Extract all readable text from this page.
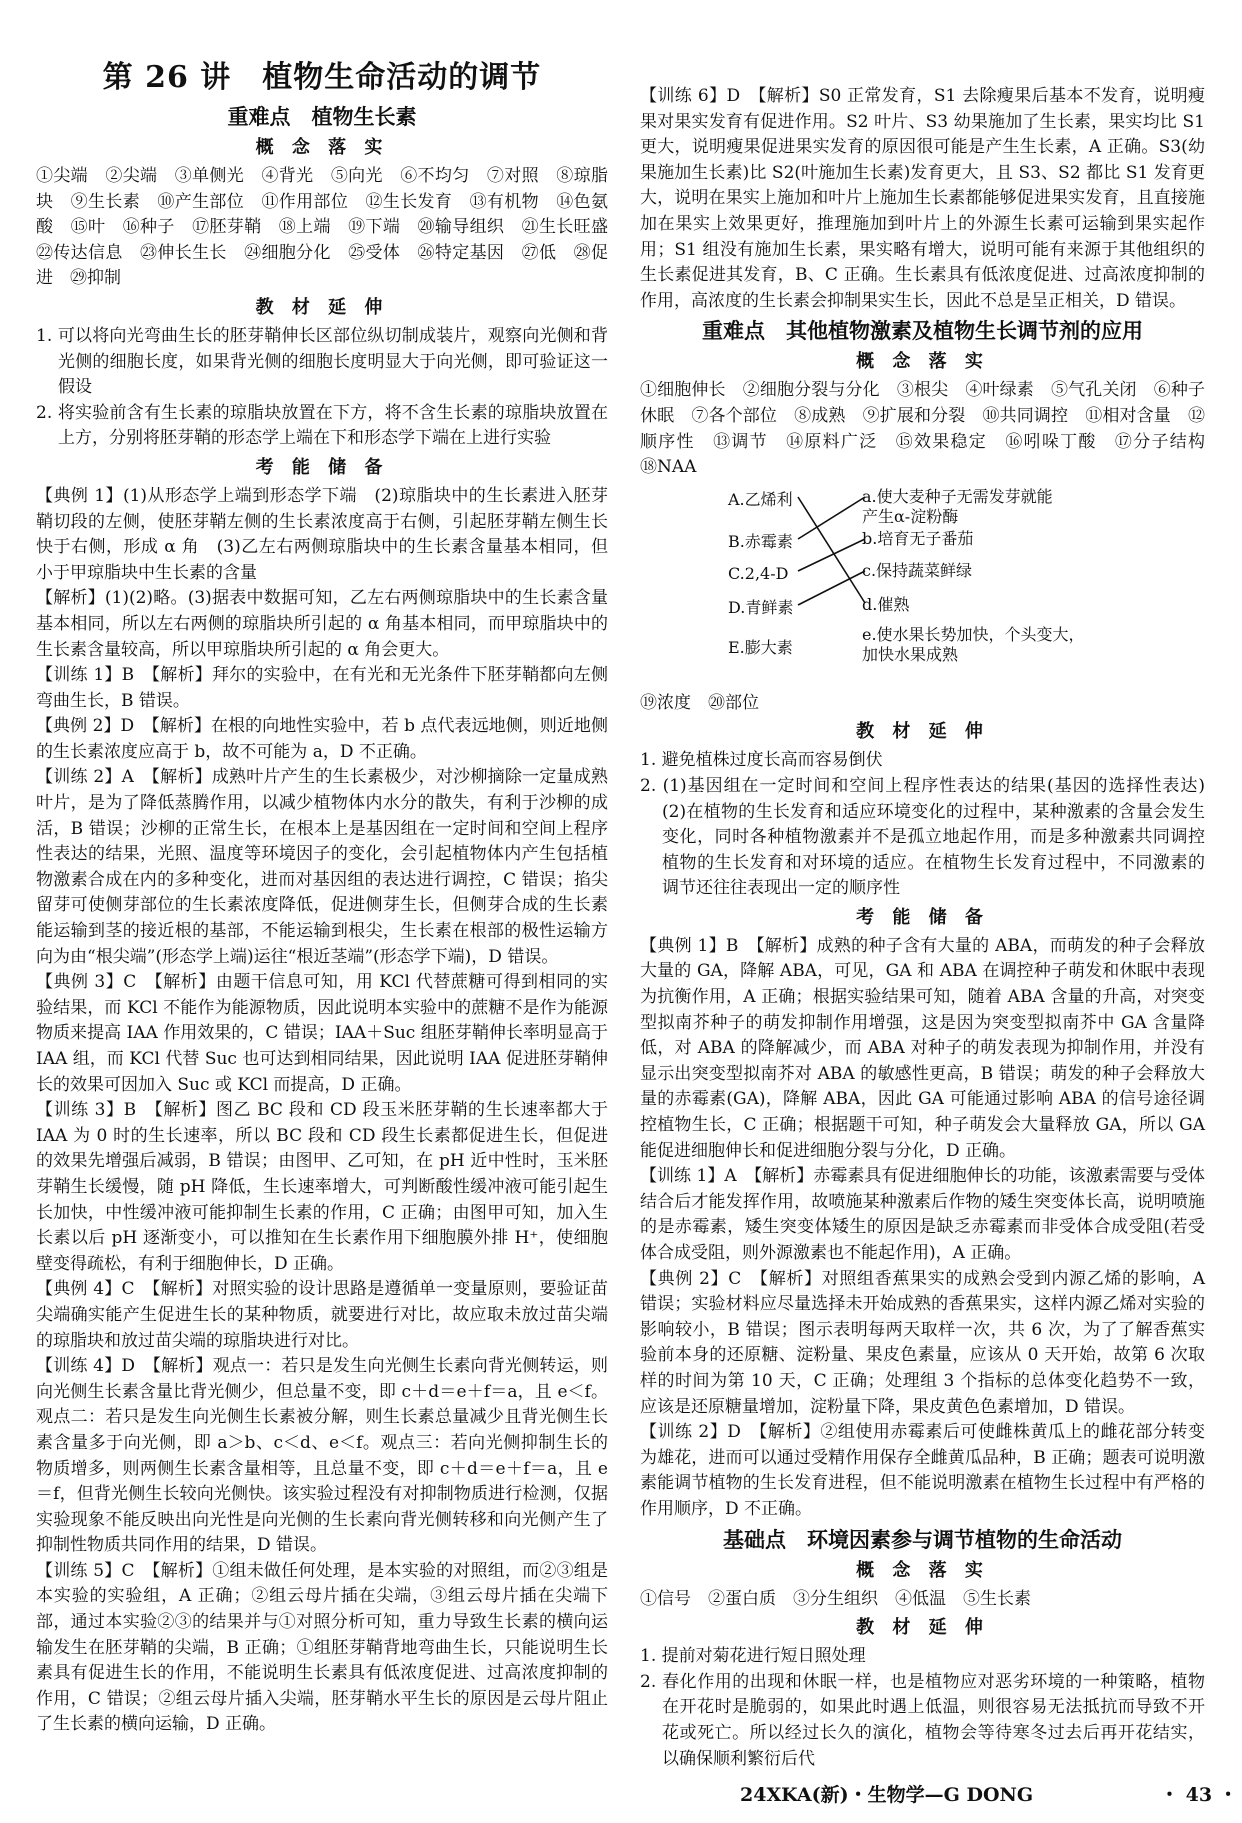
第 26 讲　植物生命活动的调节
重难点　植物生长素
概 念 落 实

①尖端　②尖端　③单侧光　④背光　⑤向光　⑥不均匀　⑦对照　⑧琼脂块　⑨生长素　⑩产生部位　⑪作用部位　⑫生长发育　⑬有机物　⑭色氨酸　⑮叶　⑯种子　⑰胚芽鞘　⑱上端　⑲下端　⑳输导组织　㉑生长旺盛　㉒传达信息　㉓伸长生长　㉔细胞分化　㉕受体　㉖特定基因　㉗低　㉘促进　㉙抑制

教 材 延 伸

1. 可以将向光弯曲生长的胚芽鞘伸长区部位纵切制成装片，观察向光侧和背光侧的细胞长度，如果背光侧的细胞长度明显大于向光侧，即可验证这一假设

2. 将实验前含有生长素的琼脂块放置在下方，将不含生长素的琼脂块放置在上方，分别将胚芽鞘的形态学上端在下和形态学下端在上进行实验

考 能 储 备

【典例 1】(1)从形态学上端到形态学下端　(2)琼脂块中的生长素进入胚芽鞘切段的左侧，使胚芽鞘左侧的生长素浓度高于右侧，引起胚芽鞘左侧生长快于右侧，形成 α 角　(3)乙左右两侧琼脂块中的生长素含量基本相同，但小于甲琼脂块中生长素的含量

【解析】(1)(2)略。(3)据表中数据可知，乙左右两侧琼脂块中的生长素含量基本相同，所以左右两侧的琼脂块所引起的 α 角基本相同，而甲琼脂块中的生长素含量较高，所以甲琼脂块所引起的 α 角会更大。

【训练 1】B　【解析】拜尔的实验中，在有光和无光条件下胚芽鞘都向左侧弯曲生长，B 错误。

【典例 2】D　【解析】在根的向地性实验中，若 b 点代表远地侧，则近地侧的生长素浓度应高于 b，故不可能为 a，D 不正确。

【训练 2】A　【解析】成熟叶片产生的生长素极少，对沙柳摘除一定量成熟叶片，是为了降低蒸腾作用，以减少植物体内水分的散失，有利于沙柳的成活，B 错误；沙柳的正常生长，在根本上是基因组在一定时间和空间上程序性表达的结果，光照、温度等环境因子的变化，会引起植物体内产生包括植物激素合成在内的多种变化，进而对基因组的表达进行调控，C 错误；掐尖留芽可使侧芽部位的生长素浓度降低，促进侧芽生长，但侧芽合成的生长素能运输到茎的接近根的基部，不能运输到根尖，生长素在根部的极性运输方向为由“根尖端”(形态学上端)运往“根近茎端”(形态学下端)，D 错误。

【典例 3】C　【解析】由题干信息可知，用 KCl 代替蔗糖可得到相同的实验结果，而 KCl 不能作为能源物质，因此说明本实验中的蔗糖不是作为能源物质来提高 IAA 作用效果的，C 错误；IAA＋Suc 组胚芽鞘伸长率明显高于 IAA 组，而 KCl 代替 Suc 也可达到相同结果，因此说明 IAA 促进胚芽鞘伸长的效果可因加入 Suc 或 KCl 而提高，D 正确。

【训练 3】B　【解析】图乙 BC 段和 CD 段玉米胚芽鞘的生长速率都大于 IAA 为 0 时的生长速率，所以 BC 段和 CD 段生长素都促进生长，但促进的效果先增强后减弱，B 错误；由图甲、乙可知，在 pH 近中性时，玉米胚芽鞘生长缓慢，随 pH 降低，生长速率增大，可判断酸性缓冲液可能引起生长加快，中性缓冲液可能抑制生长素的作用，C 正确；由图甲可知，加入生长素以后 pH 逐渐变小，可以推知在生长素作用下细胞膜外排 H⁺，使细胞壁变得疏松，有利于细胞伸长，D 正确。

【典例 4】C　【解析】对照实验的设计思路是遵循单一变量原则，要验证苗尖端确实能产生促进生长的某种物质，就要进行对比，故应取未放过苗尖端的琼脂块和放过苗尖端的琼脂块进行对比。

【训练 4】D　【解析】观点一：若只是发生向光侧生长素向背光侧转运，则向光侧生长素含量比背光侧少，但总量不变，即 c＋d＝e＋f＝a，且 e＜f。观点二：若只是发生向光侧生长素被分解，则生长素总量减少且背光侧生长素含量多于向光侧，即 a＞b、c＜d、e＜f。观点三：若向光侧抑制生长的物质增多，则两侧生长素含量相等，且总量不变，即 c＋d＝e＋f＝a，且 e＝f，但背光侧生长较向光侧快。该实验过程没有对抑制物质进行检测，仅据实验现象不能反映出向光性是向光侧的生长素向背光侧转移和向光侧产生了抑制性物质共同作用的结果，D 错误。

【训练 5】C　【解析】①组未做任何处理，是本实验的对照组，而②③组是本实验的实验组，A 正确；②组云母片插在尖端，③组云母片插在尖端下部，通过本实验②③的结果并与①对照分析可知，重力导致生长素的横向运输发生在胚芽鞘的尖端，B 正确；①组胚芽鞘背地弯曲生长，只能说明生长素具有促进生长的作用，不能说明生长素具有低浓度促进、过高浓度抑制的作用，C 错误；②组云母片插入尖端，胚芽鞘水平生长的原因是云母片阻止了生长素的横向运输，D 正确。

【训练 6】D　【解析】S0 正常发育，S1 去除瘦果后基本不发育，说明瘦果对果实发育有促进作用。S2 叶片、S3 幼果施加了生长素，果实均比 S1 更大，说明瘦果促进果实发育的原因很可能是产生生长素，A 正确。S3(幼果施加生长素)比 S2(叶施加生长素)发育更大，且 S3、S2 都比 S1 发育更大，说明在果实上施加和叶片上施加生长素都能够促进果实发育，且直接施加在果实上效果更好，推理施加到叶片上的外源生长素可运输到果实起作用；S1 组没有施加生长素，果实略有增大，说明可能有来源于其他组织的生长素促进其发育，B、C 正确。生长素具有低浓度促进、过高浓度抑制的作用，高浓度的生长素会抑制果实生长，因此不总是呈正相关，D 错误。

重难点　其他植物激素及植物生长调节剂的应用
概 念 落 实

①细胞伸长　②细胞分裂与分化　③根尖　④叶绿素　⑤气孔关闭　⑥种子休眠　⑦各个部位　⑧成熟　⑨扩展和分裂　⑩共同调控　⑪相对含量　⑫顺序性　⑬调节　⑭原料广泛　⑮效果稳定　⑯吲哚丁酸　⑰分子结构　⑱NAA

A.乙烯利
B.赤霉素
C.2,4-D
D.青鲜素
E.膨大素
a.使大麦种子无需发芽就能产生α-淀粉酶
b.培育无子番茄
c.保持蔬菜鲜绿
d.催熟
e.使水果长势加快，个头变大，加快水果成熟

⑲浓度　⑳部位

教 材 延 伸

1. 避免植株过度长高而容易倒伏

2. (1)基因组在一定时间和空间上程序性表达的结果(基因的选择性表达)　(2)在植物的生长发育和适应环境变化的过程中，某种激素的含量会发生变化，同时各种植物激素并不是孤立地起作用，而是多种激素共同调控植物的生长发育和对环境的适应。在植物生长发育过程中，不同激素的调节还往往表现出一定的顺序性

考 能 储 备

【典例 1】B　【解析】成熟的种子含有大量的 ABA，而萌发的种子会释放大量的 GA，降解 ABA，可见，GA 和 ABA 在调控种子萌发和休眠中表现为抗衡作用，A 正确；根据实验结果可知，随着 ABA 含量的升高，对突变型拟南芥种子的萌发抑制作用增强，这是因为突变型拟南芥中 GA 含量降低，对 ABA 的降解减少，而 ABA 对种子的萌发表现为抑制作用，并没有显示出突变型拟南芥对 ABA 的敏感性更高，B 错误；萌发的种子会释放大量的赤霉素(GA)，降解 ABA，因此 GA 可能通过影响 ABA 的信号途径调控植物生长，C 正确；根据题干可知，种子萌发会大量释放 GA，所以 GA 能促进细胞伸长和促进细胞分裂与分化，D 正确。

【训练 1】A　【解析】赤霉素具有促进细胞伸长的功能，该激素需要与受体结合后才能发挥作用，故喷施某种激素后作物的矮生突变体长高，说明喷施的是赤霉素，矮生突变体矮生的原因是缺乏赤霉素而非受体合成受阻(若受体合成受阻，则外源激素也不能起作用)，A 正确。

【典例 2】C　【解析】对照组香蕉果实的成熟会受到内源乙烯的影响，A 错误；实验材料应尽量选择未开始成熟的香蕉果实，这样内源乙烯对实验的影响较小，B 错误；图示表明每两天取样一次，共 6 次，为了了解香蕉实验前本身的还原糖、淀粉量、果皮色素量，应该从 0 天开始，故第 6 次取样的时间为第 10 天，C 正确；处理组 3 个指标的总体变化趋势不一致，应该是还原糖量增加，淀粉量下降，果皮黄色色素增加，D 错误。

【训练 2】D　【解析】②组使用赤霉素后可使雌株黄瓜上的雌花部分转变为雄花，进而可以通过受精作用保存全雌黄瓜品种，B 正确；题表可说明激素能调节植物的生长发育进程，但不能说明激素在植物生长过程中有严格的作用顺序，D 不正确。

基础点　环境因素参与调节植物的生命活动
概 念 落 实

①信号　②蛋白质　③分生组织　④低温　⑤生长素

教 材 延 伸

1. 提前对菊花进行短日照处理

2. 春化作用的出现和休眠一样，也是植物应对恶劣环境的一种策略，植物在开花时是脆弱的，如果此时遇上低温，则很容易无法抵抗而导致不开花或死亡。所以经过长久的演化，植物会等待寒冬过去后再开花结实，以确保顺利繁衍后代

24XKA(新)・生物学—G DONG	・ 43 ・
